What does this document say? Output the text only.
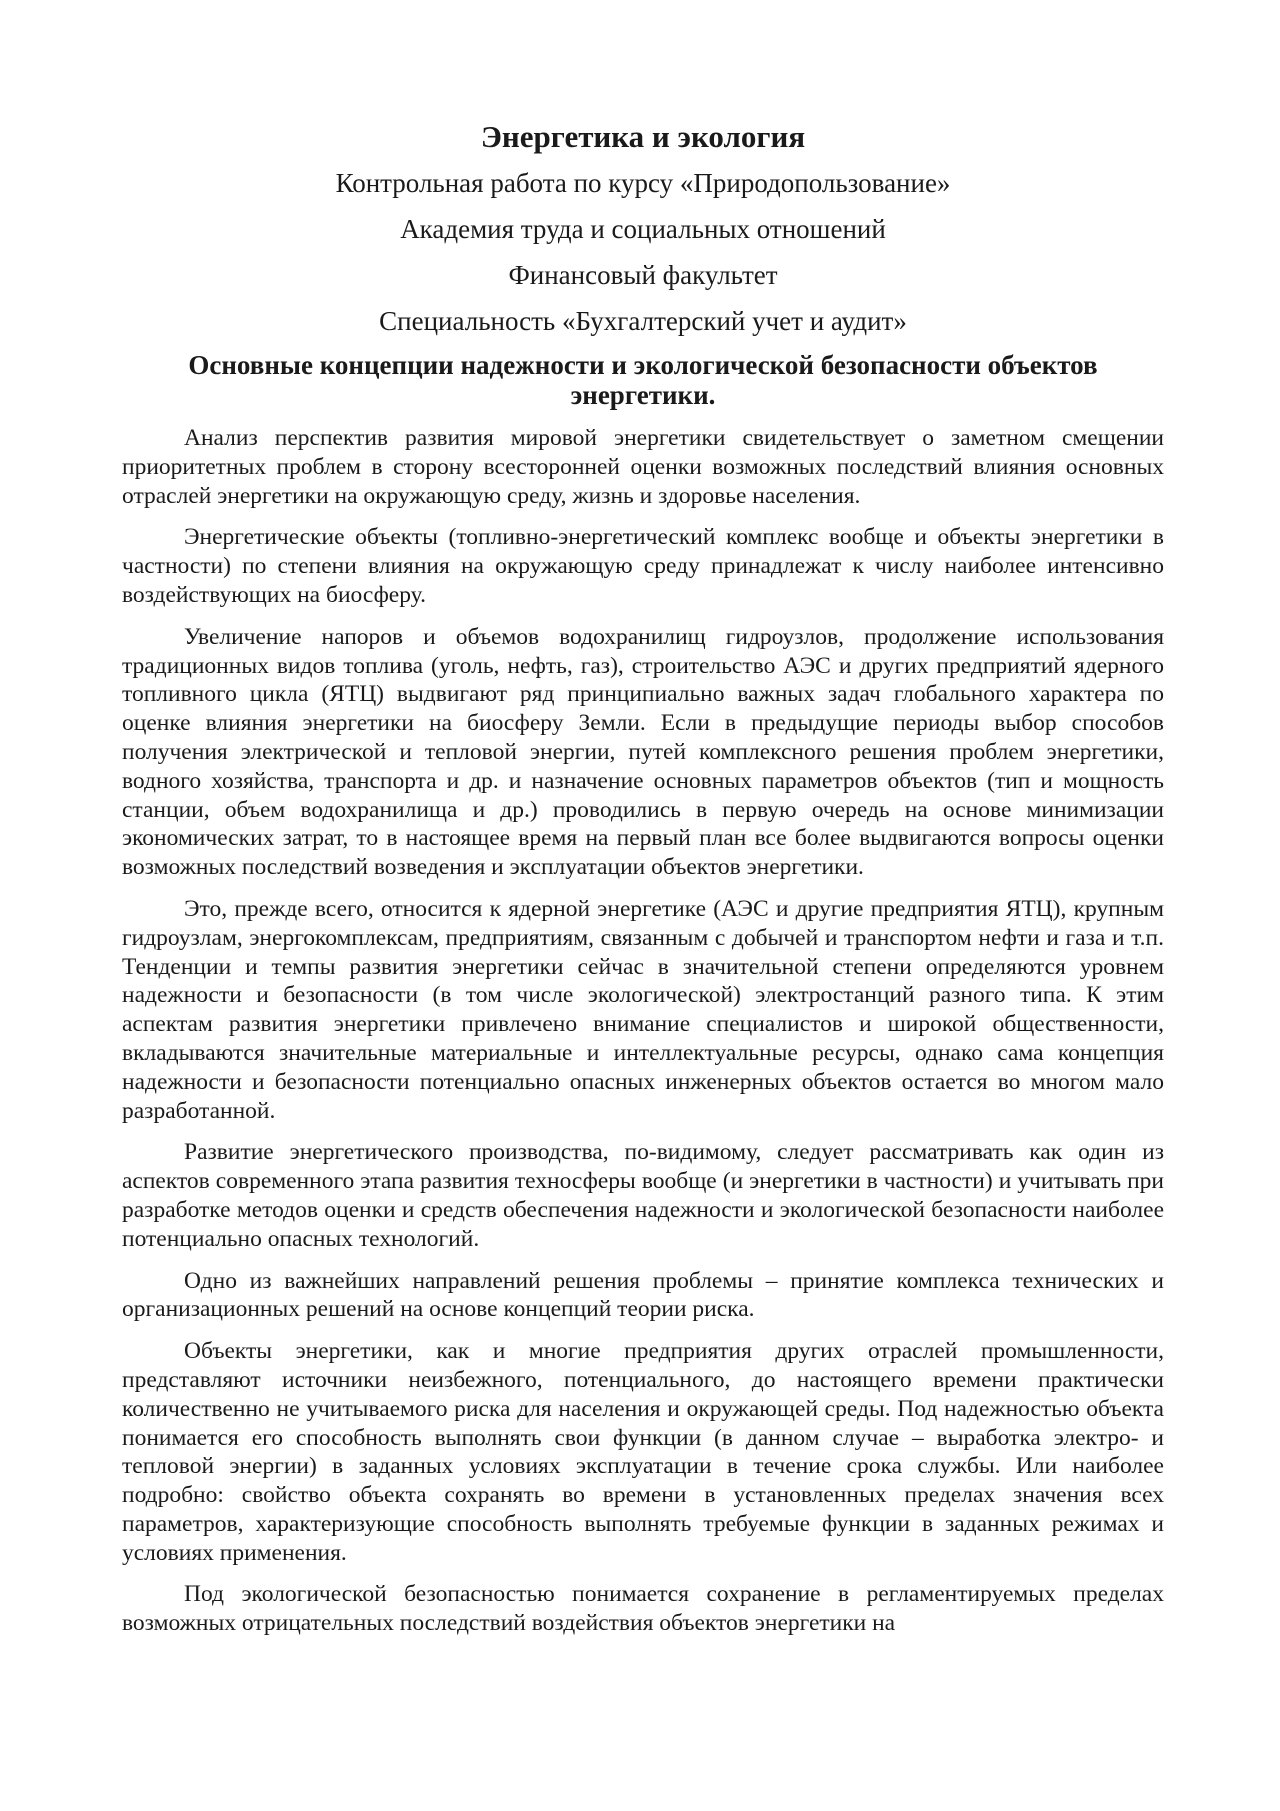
Энергетика и экология
Контрольная работа по курсу «Природопользование»
Академия труда и социальных отношений
Финансовый факультет
Специальность «Бухгалтерский учет и аудит»
Основные концепции надежности и экологической безопасности объектов энергетики.

Анализ перспектив развития мировой энергетики свидетельствует о заметном смещении приоритетных проблем в сторону всесторонней оценки возможных последствий влияния основных отраслей энергетики на окружающую среду, жизнь и здоровье населения.

Энергетические объекты (топливно-энергетический комплекс вообще и объекты энергетики в частности) по степени влияния на окружающую среду принадлежат к числу наиболее интенсивно воздействующих на биосферу.

Увеличение напоров и объемов водохранилищ гидроузлов, продолжение использования традиционных видов топлива (уголь, нефть, газ), строительство АЭС и других предприятий ядерного топливного цикла (ЯТЦ) выдвигают ряд принципиально важных задач глобального характера по оценке влияния энергетики на биосферу Земли. Если в предыдущие периоды выбор способов получения электрической и тепловой энергии, путей комплексного решения проблем энергетики, водного хозяйства, транспорта и др. и назначение основных параметров объектов (тип и мощность станции, объем водохранилища и др.) проводились в первую очередь на основе минимизации экономических затрат, то в настоящее время на первый план все более выдвигаются вопросы оценки возможных последствий возведения и эксплуатации объектов энергетики.

Это, прежде всего, относится к ядерной энергетике (АЭС и другие предприятия ЯТЦ), крупным гидроузлам, энергокомплексам, предприятиям, связанным с добычей и транспортом нефти и газа и т.п. Тенденции и темпы развития энергетики сейчас в значительной степени определяются уровнем надежности и безопасности (в том числе экологической) электростанций разного типа. К этим аспектам развития энергетики привлечено внимание специалистов и широкой общественности, вкладываются значительные материальные и интеллектуальные ресурсы, однако сама концепция надежности и безопасности потенциально опасных инженерных объектов остается во многом мало разработанной.

Развитие энергетического производства, по-видимому, следует рассматривать как один из аспектов современного этапа развития техносферы вообще (и энергетики в частности) и учитывать при разработке методов оценки и средств обеспечения надежности и экологической безопасности наиболее потенциально опасных технологий.

Одно из важнейших направлений решения проблемы – принятие комплекса технических и организационных решений на основе концепций теории риска.

Объекты энергетики, как и многие предприятия других отраслей промышленности, представляют источники неизбежного, потенциального, до настоящего времени практически количественно не учитываемого риска для населения и окружающей среды. Под надежностью объекта понимается его способность выполнять свои функции (в данном случае – выработка электро- и тепловой энергии) в заданных условиях эксплуатации в течение срока службы. Или наиболее подробно: свойство объекта сохранять во времени в установленных пределах значения всех параметров, характеризующие способность выполнять требуемые функции в заданных режимах и условиях применения.

Под экологической безопасностью понимается сохранение в регламентируемых пределах возможных отрицательных последствий воздействия объектов энергетики на
